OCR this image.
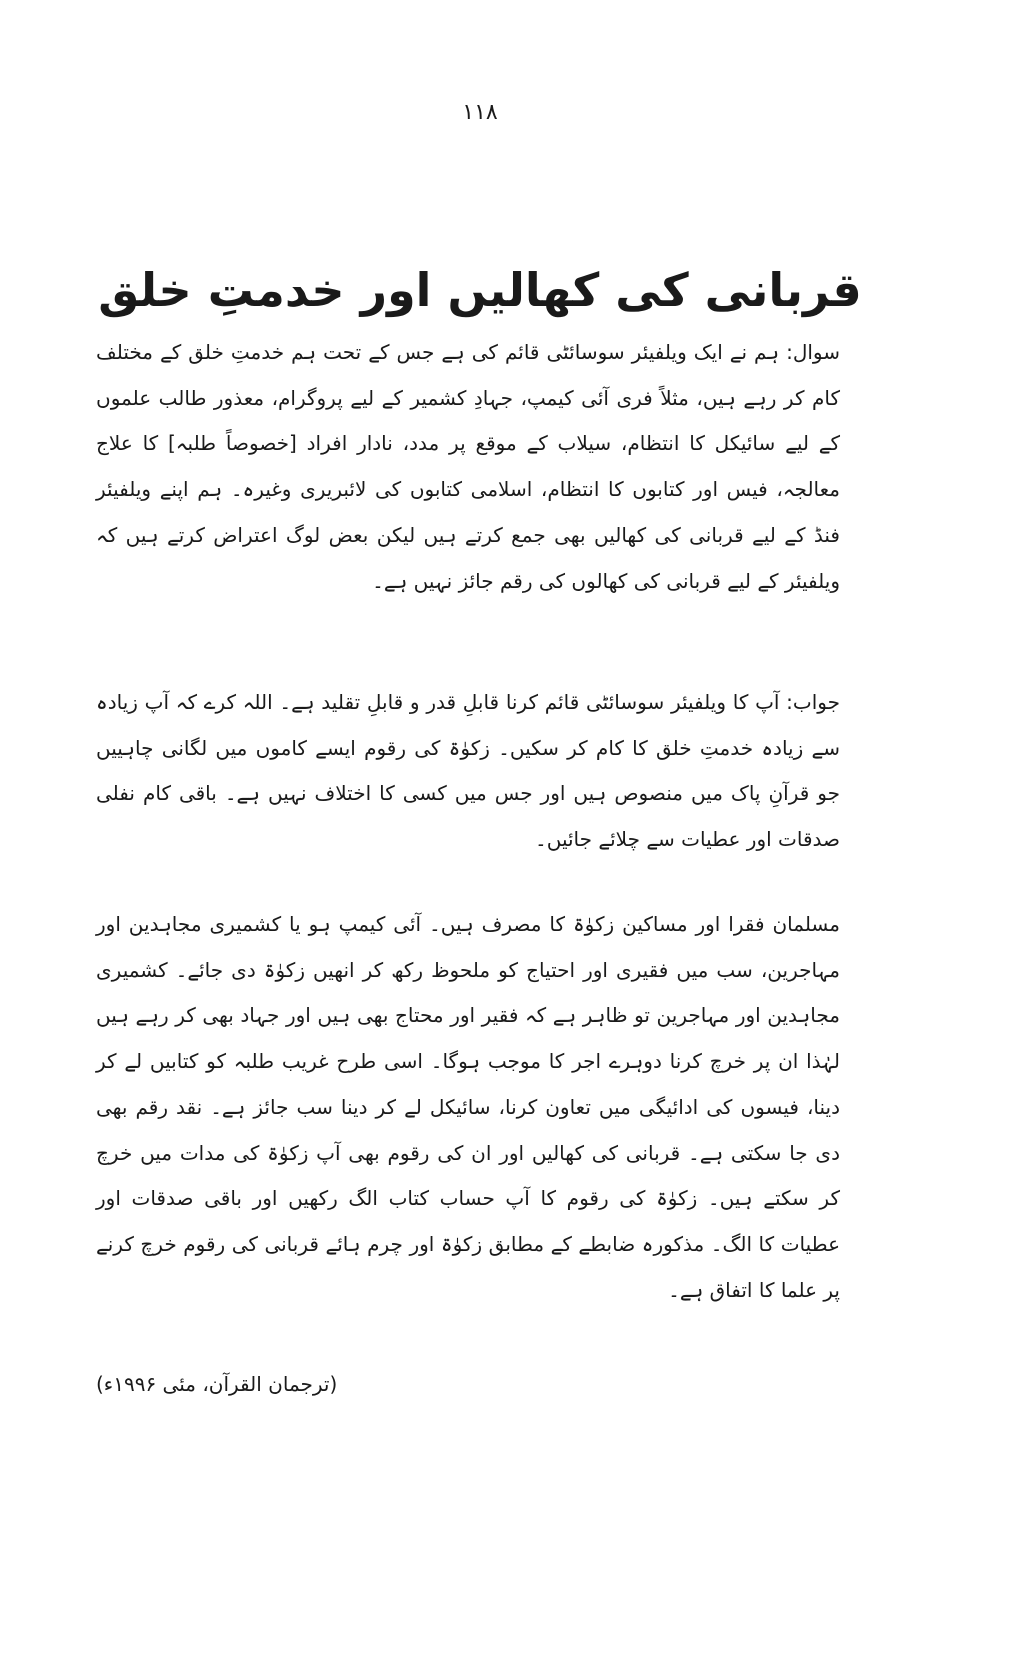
۱۱۸
قربانی کی کھالیں اور خدمتِ خلق

سوال: ہم نے ایک ویلفیئر سوسائٹی قائم کی ہے جس کے تحت ہم خدمتِ خلق کے مختلف کام کر رہے ہیں، مثلاً فری آئی کیمپ، جہادِ کشمیر کے لیے پروگرام، معذور طالب علموں کے لیے سائیکل کا انتظام، سیلاب کے موقع پر مدد، نادار افراد [خصوصاً طلبہ] کا علاج معالجہ، فیس اور کتابوں کا انتظام، اسلامی کتابوں کی لائبریری وغیرہ۔ ہم اپنے ویلفیئر فنڈ کے لیے قربانی کی کھالیں بھی جمع کرتے ہیں لیکن بعض لوگ اعتراض کرتے ہیں کہ ویلفیئر کے لیے قربانی کی کھالوں کی رقم جائز نہیں ہے۔

جواب: آپ کا ویلفیئر سوسائٹی قائم کرنا قابلِ قدر و قابلِ تقلید ہے۔ اللہ کرے کہ آپ زیادہ سے زیادہ خدمتِ خلق کا کام کر سکیں۔ زکوٰۃ کی رقوم ایسے کاموں میں لگانی چاہییں جو قرآنِ پاک میں منصوص ہیں اور جس میں کسی کا اختلاف نہیں ہے۔ باقی کام نفلی صدقات اور عطیات سے چلائے جائیں۔

مسلمان فقرا اور مساکین زکوٰۃ کا مصرف ہیں۔ آئی کیمپ ہو یا کشمیری مجاہدین اور مہاجرین، سب میں فقیری اور احتیاج کو ملحوظ رکھ کر انھیں زکوٰۃ دی جائے۔ کشمیری مجاہدین اور مہاجرین تو ظاہر ہے کہ فقیر اور محتاج بھی ہیں اور جہاد بھی کر رہے ہیں لہٰذا ان پر خرچ کرنا دوہرے اجر کا موجب ہوگا۔ اسی طرح غریب طلبہ کو کتابیں لے کر دینا، فیسوں کی ادائیگی میں تعاون کرنا، سائیکل لے کر دینا سب جائز ہے۔ نقد رقم بھی دی جا سکتی ہے۔ قربانی کی کھالیں اور ان کی رقوم بھی آپ زکوٰۃ کی مدات میں خرچ کر سکتے ہیں۔ زکوٰۃ کی رقوم کا آپ حساب کتاب الگ رکھیں اور باقی صدقات اور عطیات کا الگ۔ مذکورہ ضابطے کے مطابق زکوٰۃ اور چرم ہائے قربانی کی رقوم خرچ کرنے پر علما کا اتفاق ہے۔

(ترجمان القرآن، مئی ۱۹۹۶ء)
